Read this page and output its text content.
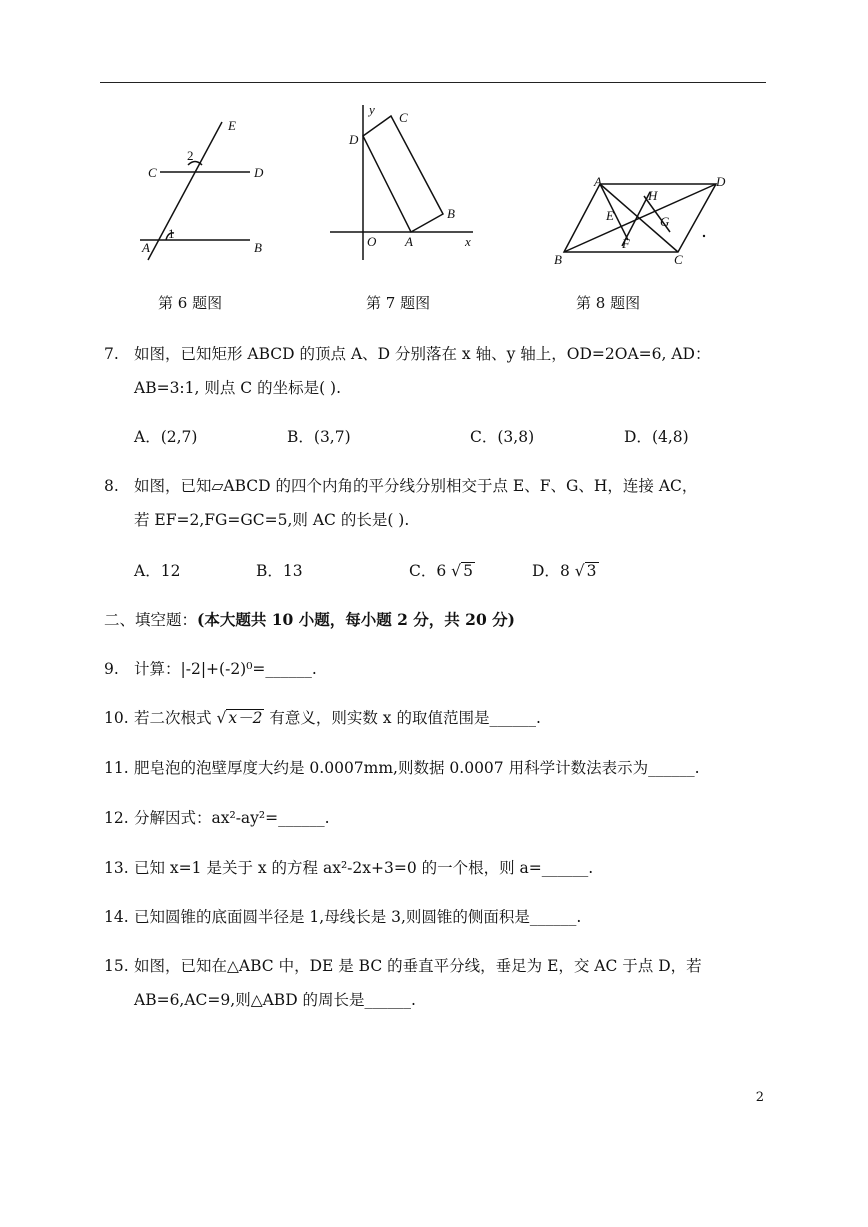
E
C	D
2
1
A	B
y
C
D
B
O A	x
A	D
H
E	G
F
B	C
第 6 题图	第 7 题图	第 8 题图
7. 如图，已知矩形 ABCD 的顶点 A、D 分别落在 x 轴、y 轴上，OD=2OA=6, AD：
AB=3:1, 则点 C 的坐标是( ).
A．(2,7)	B．(3,7)	C．(3,8)	D．(4,8)
8. 如图，已知▱ABCD 的四个内角的平分线分别相交于点 E、F、G、H，连接 AC，
若 EF=2,FG=GC=5,则 AC 的长是( ).
A．12	B．13	C．6 √ 5	D．8 √ 3
二、填空题：(本大题共 10 小题，每小题 2 分，共 20 分)
9. 计算：|-2|+(-2)⁰=______.
10. 若二次根式 √ x－2 有意义，则实数 x 的取值范围是______.
11. 肥皂泡的泡壁厚度大约是 0.0007mm,则数据 0.0007 用科学计数法表示为______.
12. 分解因式：ax²-ay²=______.
13. 已知 x=1 是关于 x 的方程 ax²-2x+3=0 的一个根，则 a=______.
14. 已知圆锥的底面圆半径是 1,母线长是 3,则圆锥的侧面积是______.
15. 如图，已知在△ABC 中，DE 是 BC 的垂直平分线，垂足为 E，交 AC 于点 D，若
AB=6,AC=9,则△ABD 的周长是______.
2
